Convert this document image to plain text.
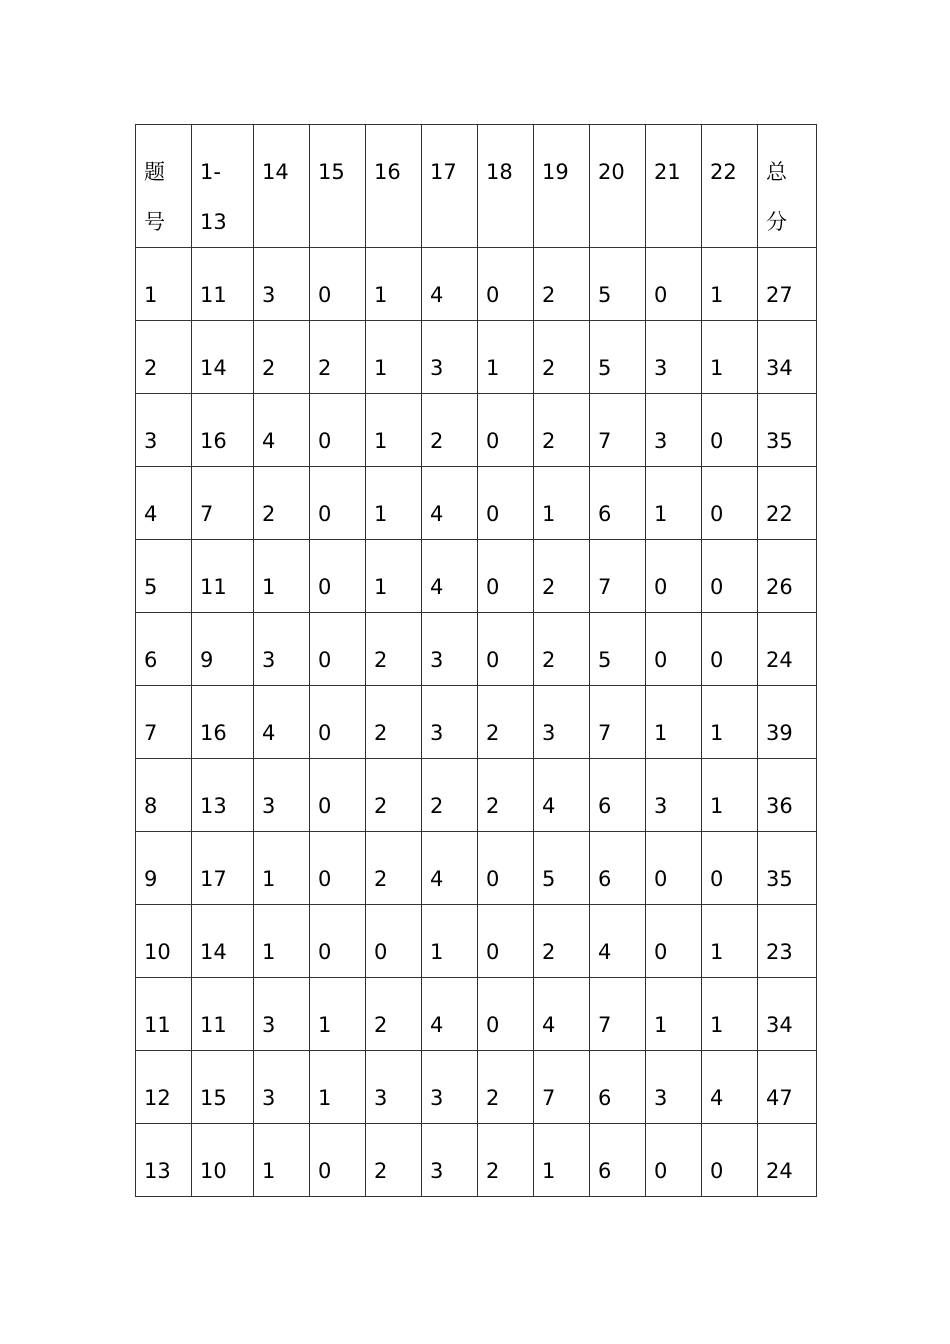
题号	1-13	14	15	16	17	18	19	20	21	22	总分

1	11	3	0	1	4	0	2	5	0	1	27

2	14	2	2	1	3	1	2	5	3	1	34

3	16	4	0	1	2	0	2	7	3	0	35

4	7	2	0	1	4	0	1	6	1	0	22

5	11	1	0	1	4	0	2	7	0	0	26

6	9	3	0	2	3	0	2	5	0	0	24

7	16	4	0	2	3	2	3	7	1	1	39

8	13	3	0	2	2	2	4	6	3	1	36

9	17	1	0	2	4	0	5	6	0	0	35

10	14	1	0	0	1	0	2	4	0	1	23

11	11	3	1	2	4	0	4	7	1	1	34

12	15	3	1	3	3	2	7	6	3	4	47

13	10	1	0	2	3	2	1	6	0	0	24
